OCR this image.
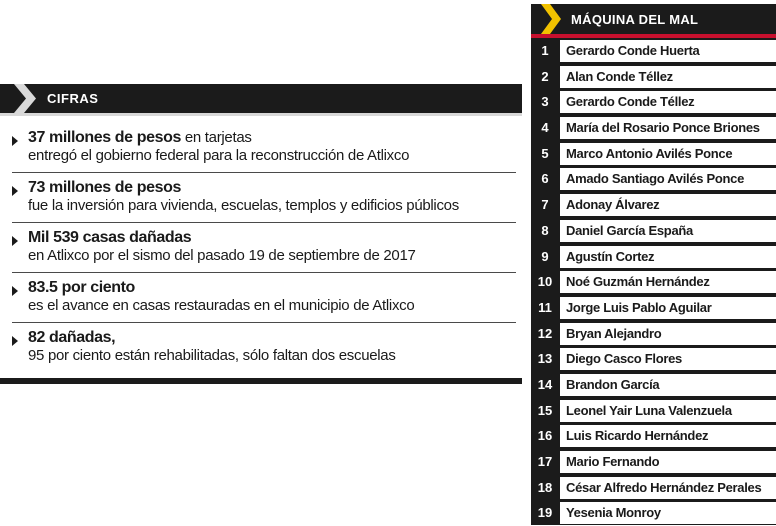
CIFRAS
37 millones de pesos en tarjetas
entregó el gobierno federal para la reconstrucción de Atlixco
73 millones de pesos
fue la inversión para vivienda, escuelas, templos y edificios públicos
Mil 539 casas dañadas
en Atlixco por el sismo del pasado 19 de septiembre de 2017
83.5 por ciento
es el avance en casas restauradas en el municipio de Atlixco
82 dañadas,
95 por ciento están rehabilitadas, sólo faltan dos escuelas
MÁQUINA DEL MAL
1	Gerardo Conde Huerta
2	Alan Conde Téllez
3	Gerardo Conde Téllez
4	María del Rosario Ponce Briones
5	Marco Antonio Avilés Ponce
6	Amado Santiago Avilés Ponce
7	Adonay Álvarez
8	Daniel García España
9	Agustín Cortez
10	Noé Guzmán Hernández
11	Jorge Luis Pablo Aguilar
12	Bryan Alejandro
13	Diego Casco Flores
14	Brandon García
15	Leonel Yair Luna Valenzuela
16	Luis Ricardo Hernández
17	Mario Fernando
18	César Alfredo Hernández Perales
19	Yesenia Monroy
